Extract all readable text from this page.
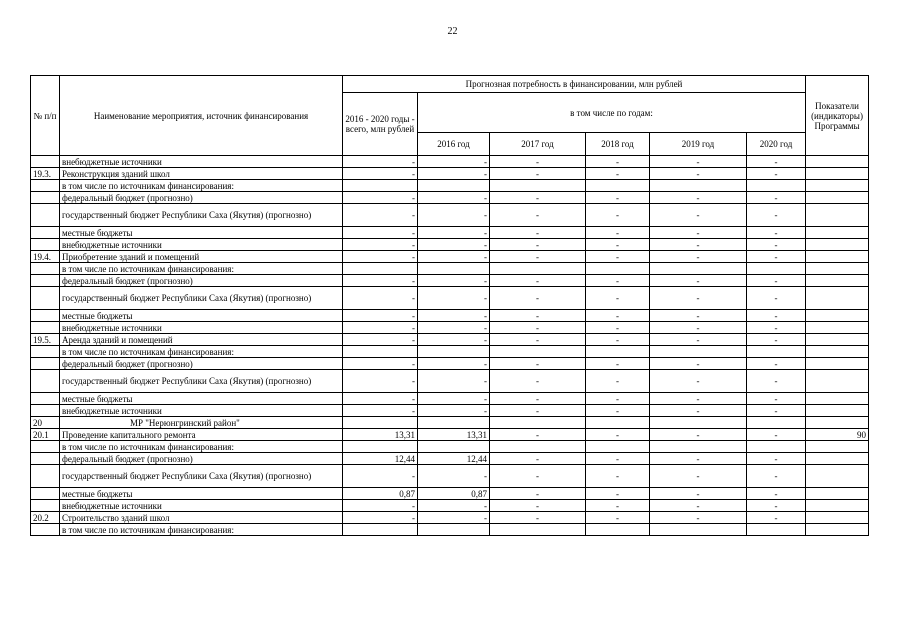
22
№ п/п	Наименование мероприятия, источник финансирования	Прогнозная потребность в финансировании, млн рублей						Показатели (индикаторы) Программы
		2016 - 2020 годы - всего, млн рублей	в том числе по годам:					
			2016 год	2017 год	2018 год	2019 год	2020 год	
	внебюджетные источники	-	-	-	-	-	-	
19.3.	Реконструкция зданий школ	-	-	-	-	-	-	
	в том числе по источникам финансирования:							
	федеральный бюджет (прогнозно)	-	-	-	-	-	-	
	государственный бюджет Республики Саха (Якутия) (прогнозно)	-	-	-	-	-	-	
	местные бюджеты	-	-	-	-	-	-	
	внебюджетные источники	-	-	-	-	-	-	
19.4.	Приобретение зданий и помещений	-	-	-	-	-	-	
	в том числе по источникам финансирования:							
	федеральный бюджет (прогнозно)	-	-	-	-	-	-	
	государственный бюджет Республики Саха (Якутия) (прогнозно)	-	-	-	-	-	-	
	местные бюджеты	-	-	-	-	-	-	
	внебюджетные источники	-	-	-	-	-	-	
19.5.	Аренда зданий и помещений	-	-	-	-	-	-	
	в том числе по источникам финансирования:							
	федеральный бюджет (прогнозно)	-	-	-	-	-	-	
	государственный бюджет Республики Саха (Якутия) (прогнозно)	-	-	-	-	-	-	
	местные бюджеты	-	-	-	-	-	-	
	внебюджетные источники	-	-	-	-	-	-	
20	МР "Нерюнгринский район"							
20.1	Проведение капитального ремонта	13,31	13,31	-	-	-	-	90
	в том числе по источникам финансирования:							
	федеральный бюджет (прогнозно)	12,44	12,44	-	-	-	-	
	государственный бюджет Республики Саха (Якутия) (прогнозно)	-	-	-	-	-	-	
	местные бюджеты	0,87	0,87	-	-	-	-	
	внебюджетные источники	-	-	-	-	-	-	
20.2	Строительство зданий школ	-	-	-	-	-	-	
	в том числе по источникам финансирования:							
